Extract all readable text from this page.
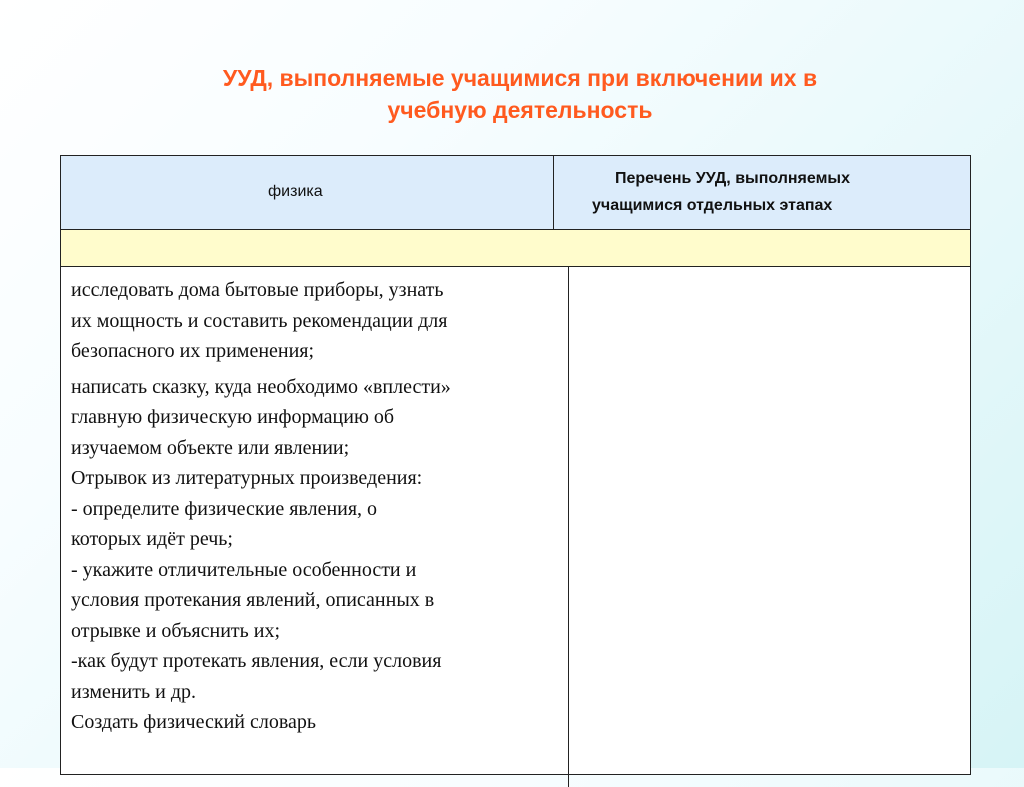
УУД, выполняемые учащимися при включении их в
учебную деятельность
физика
Перечень УУД, выполняемых
учащимися отдельных этапах
исследовать дома бытовые приборы, узнать
их мощность и составить рекомендации для
безопасного их применения;
написать сказку, куда необходимо «вплести»
главную физическую информацию об
изучаемом объекте или явлении;
Отрывок из литературных произведения:
- определите физические явления, о
которых идёт речь;
- укажите отличительные особенности и
условия протекания явлений, описанных в
отрывке и объяснить их;
-как будут протекать явления, если условия
изменить и др.
Создать физический словарь
